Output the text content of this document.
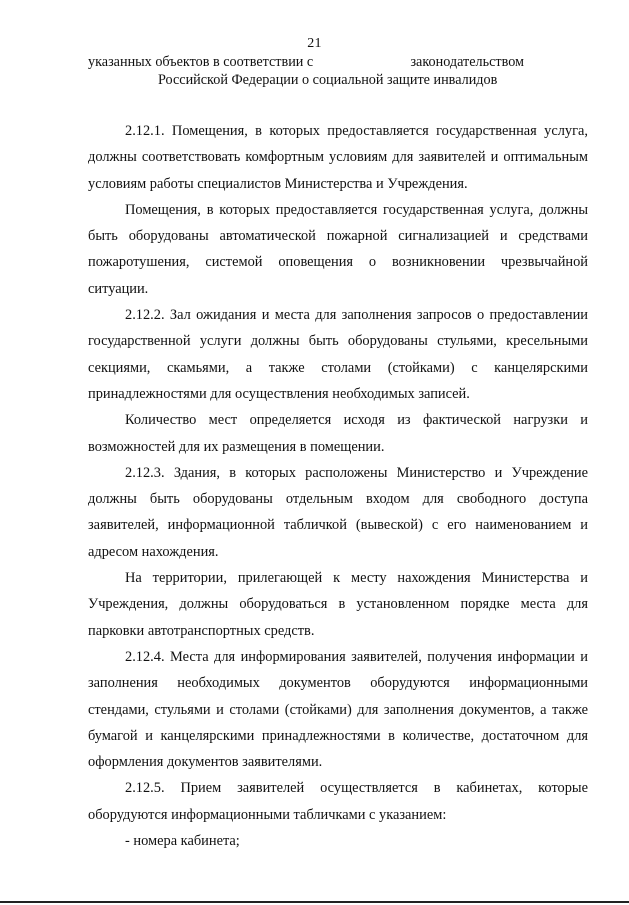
21
указанных объектов в соответствии с	законодательством
Российской Федерации о социальной защите инвалидов

2.12.1. Помещения, в которых предоставляется государственная услуга, должны соответствовать комфортным условиям для заявителей и оптимальным условиям работы специалистов Министерства и Учреждения.

Помещения, в которых предоставляется государственная услуга, должны быть оборудованы автоматической пожарной сигнализацией и средствами пожаротушения, системой оповещения о возникновении чрезвычайной ситуации.

2.12.2. Зал ожидания и места для заполнения запросов о предоставлении государственной услуги должны быть оборудованы стульями, кресельными секциями, скамьями, а также столами (стойками) с канцелярскими принадлежностями для осуществления необходимых записей.

Количество мест определяется исходя из фактической нагрузки и возможностей для их размещения в помещении.

2.12.3. Здания, в которых расположены Министерство и Учреждение должны быть оборудованы отдельным входом для свободного доступа заявителей, информационной табличкой (вывеской) с его наименованием и адресом нахождения.

На территории, прилегающей к месту нахождения Министерства и Учреждения, должны оборудоваться в установленном порядке места для парковки автотранспортных средств.

2.12.4. Места для информирования заявителей, получения информации и заполнения необходимых документов оборудуются информационными стендами, стульями и столами (стойками) для заполнения документов, а также бумагой и канцелярскими принадлежностями в количестве, достаточном для оформления документов заявителями.

2.12.5. Прием заявителей осуществляется в кабинетах, которые оборудуются информационными табличками с указанием:

- номера кабинета;
